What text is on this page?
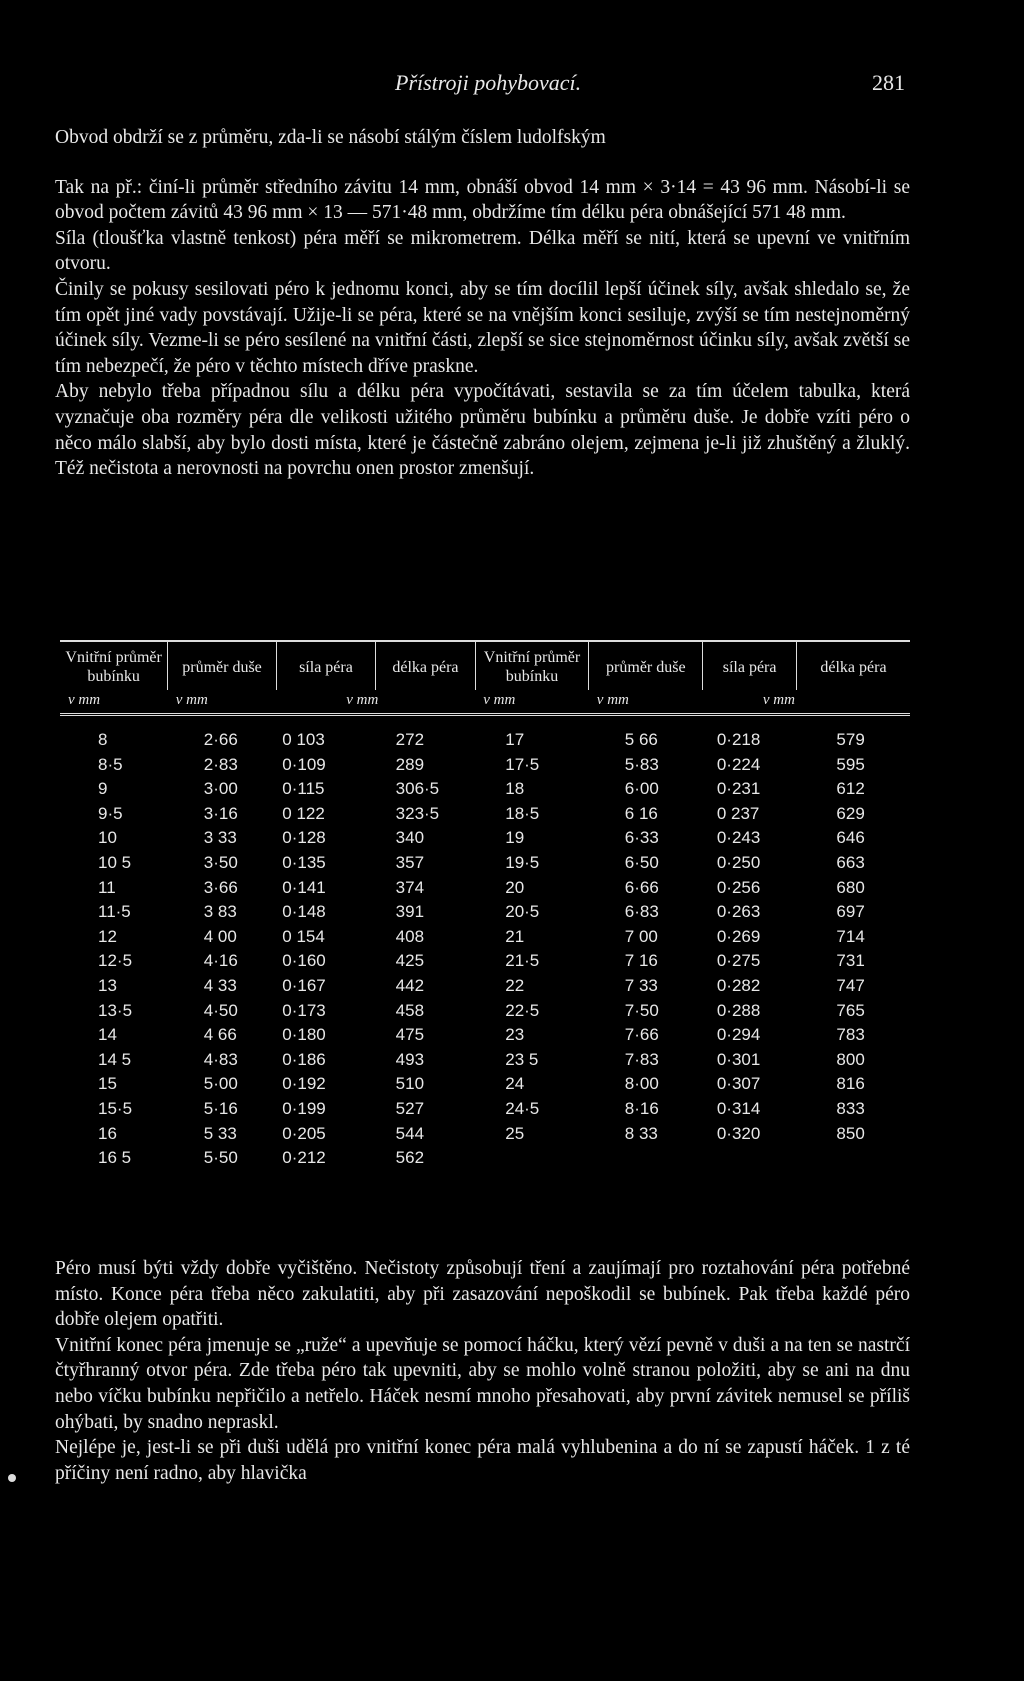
Přístroji pohybovací.	281

Obvod obdrží se z průměru, zda-li se násobí stálým číslem ludolfským

Tak na př.: činí-li průměr středního závitu 14 mm, obnáší obvod 14 mm × 3·14 = 43 96 mm. Násobí-li se obvod počtem závitů 43 96 mm × 13 — 571·48 mm, obdržíme tím délku péra obnášející 571 48 mm.

Síla (tloušťka vlastně tenkost) péra měří se mikrometrem. Délka měří se nití, která se upevní ve vnitřním otvoru.

Činily se pokusy sesilovati péro k jednomu konci, aby se tím docílil lepší účinek síly, avšak shledalo se, že tím opět jiné vady povstávají. Užije-li se péra, které se na vnějším konci sesiluje, zvýší se tím nestejnoměrný účinek síly. Vezme-li se péro sesílené na vnitřní části, zlepší se sice stejnoměrnost účinku síly, avšak zvětší se tím nebezpečí, že péro v těchto místech dříve praskne.

Aby nebylo třeba případnou sílu a délku péra vypočítávati, sestavila se za tím účelem tabulka, která vyznačuje oba rozměry péra dle velikosti užitého průměru bubínku a průměru duše. Je dobře vzíti péro o něco málo slabší, aby bylo dosti místa, které je částečně zabráno olejem, zejmena je-li již zhuštěný a žluklý. Též nečistota a nerovnosti na povrchu onen prostor zmenšují.

Vnitřní průměr bubínku	průměr duše	síla péra	délka péra	Vnitřní průměr bubínku	průměr duše	síla péra	délka péra
v mm	v mm	v mm		v mm	v mm	v mm	
8	2·66	0 103	272	17	5 66	0·218	579
8·5	2·83	0·109	289	17·5	5·83	0·224	595
9	3·00	0·115	306·5	18	6·00	0·231	612
9·5	3·16	0 122	323·5	18·5	6 16	0 237	629
10	3 33	0·128	340	19	6·33	0·243	646
10 5	3·50	0·135	357	19·5	6·50	0·250	663
11	3·66	0·141	374	20	6·66	0·256	680
11·5	3 83	0·148	391	20·5	6·83	0·263	697
12	4 00	0 154	408	21	7 00	0·269	714
12·5	4·16	0·160	425	21·5	7 16	0·275	731
13	4 33	0·167	442	22	7 33	0·282	747
13·5	4·50	0·173	458	22·5	7·50	0·288	765
14	4 66	0·180	475	23	7·66	0·294	783
14 5	4·83	0·186	493	23 5	7·83	0·301	800
15	5·00	0·192	510	24	8·00	0·307	816
15·5	5·16	0·199	527	24·5	8·16	0·314	833
16	5 33	0·205	544	25	8 33	0·320	850
16 5	5·50	0·212	562				

Péro musí býti vždy dobře vyčištěno. Nečistoty způsobují tření a zaujímají pro roztahování péra potřebné místo. Konce péra třeba něco zakulatiti, aby při zasazování nepoškodil se bubínek. Pak třeba každé péro dobře olejem opatřiti.

Vnitřní konec péra jmenuje se „ruže“ a upevňuje se pomocí háčku, který vězí pevně v duši a na ten se nastrčí čtyřhranný otvor péra. Zde třeba péro tak upevniti, aby se mohlo volně stranou položiti, aby se ani na dnu nebo víčku bubínku nepřičilo a netřelo. Háček nesmí mnoho přesahovati, aby první závitek nemusel se příliš ohýbati, by snadno nepraskl.

Nejlépe je, jest-li se při duši udělá pro vnitřní konec péra malá vyhlubenina a do ní se zapustí háček. 1 z té příčiny není radno, aby hlavička
